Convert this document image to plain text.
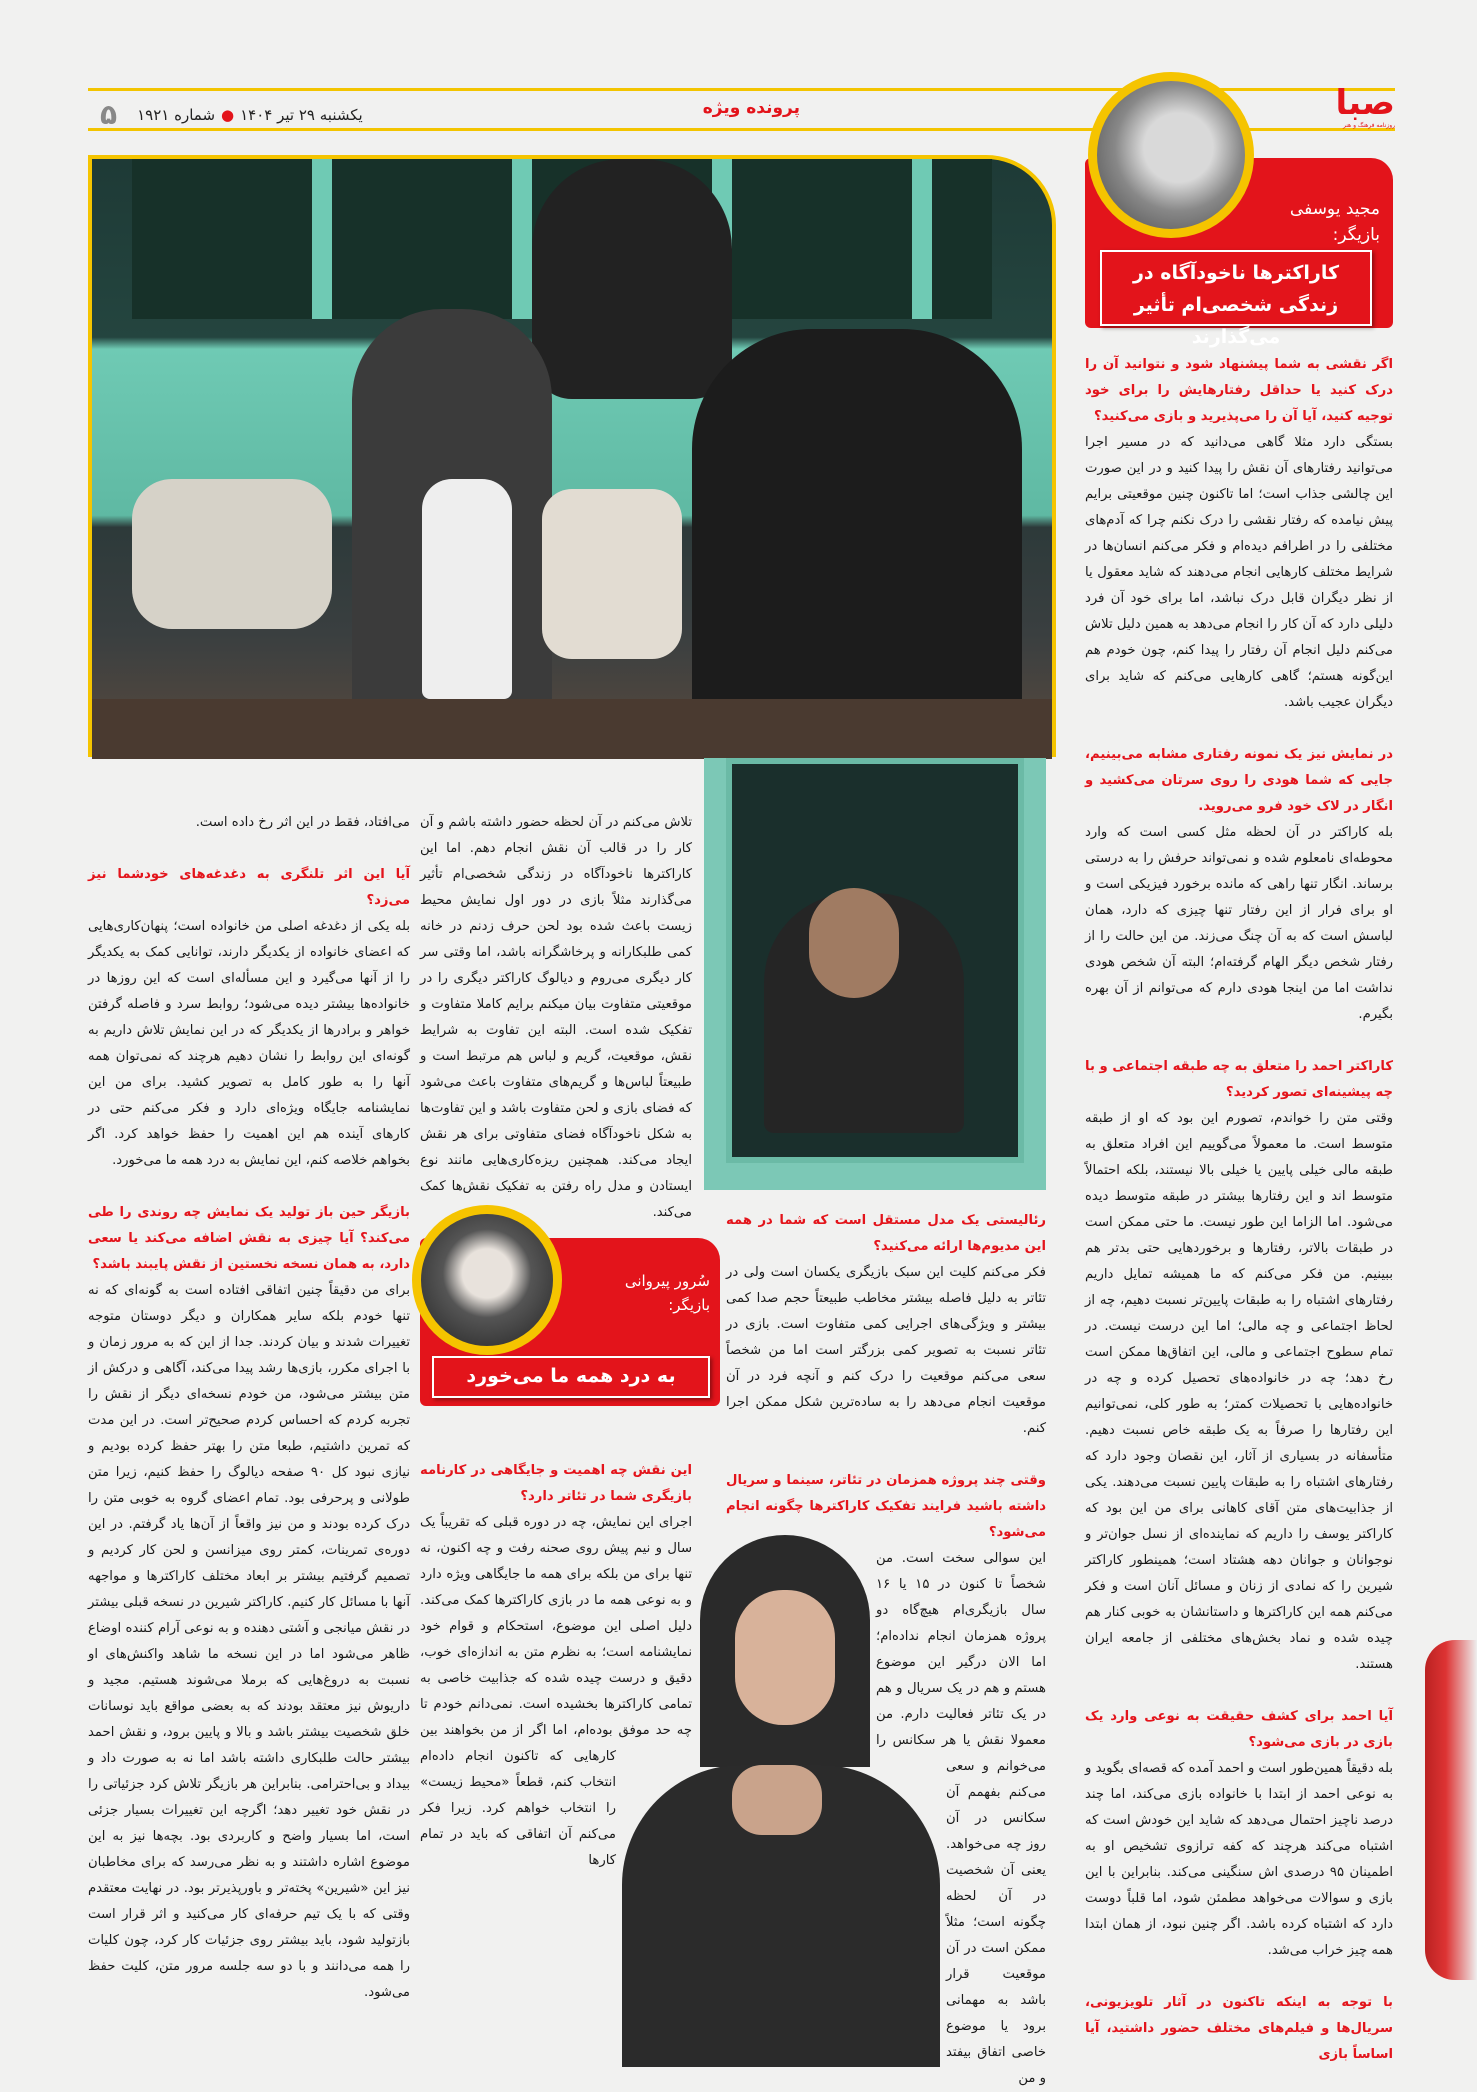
صبا
روزنامه فرهنگ و هنر
پرونده ویژه
یکشنبه ۲۹ تیر ۱۴۰۴
●
شماره ۱۹۲۱
۵
مجید یوسفی
بازیگر:
کاراکترها ناخودآگاه در زندگی شخصی‌ام تأثیر می‌گذارند

اگر نقشی به شما پیشنهاد شود و نتوانید آن را درک کنید یا حداقل رفتارهایش را برای خود توجیه کنید، آیا آن را می‌پذیرید و بازی می‌کنید؟

بستگی دارد مثلا گاهی می‌دانید که در مسیر اجرا می‌توانید رفتارهای آن نقش را پیدا کنید و در این صورت این چالشی جذاب است؛ اما تاکنون چنین موقعیتی برایم پیش نیامده که رفتار نقشی را درک نکنم چرا که آدم‌های مختلفی را در اطرافم دیده‌ام و فکر می‌کنم انسان‌ها در شرایط مختلف کارهایی انجام می‌دهند که شاید معقول یا از نظر دیگران قابل درک نباشد، اما برای خود آن فرد دلیلی دارد که آن کار را انجام می‌دهد به همین دلیل تلاش می‌کنم دلیل انجام آن رفتار را پیدا کنم، چون خودم هم این‌گونه هستم؛ گاهی کارهایی می‌کنم که شاید برای دیگران عجیب باشد.

در نمایش نیز یک نمونه رفتاری مشابه می‌بینیم، جایی که شما هودی را روی سرتان می‌کشید و انگار در لاک خود فرو می‌روید.

بله کاراکتر در آن لحظه مثل کسی است که وارد محوطه‌ای نامعلوم شده و نمی‌تواند حرفش را به درستی برساند. انگار تنها راهی که مانده برخورد فیزیکی است و او برای فرار از این رفتار تنها چیزی که دارد، همان لباسش است که به آن چنگ می‌زند. من این حالت را از رفتار شخص دیگر الهام گرفته‌ام؛ البته آن شخص هودی نداشت اما من اینجا هودی دارم که می‌توانم از آن بهره بگیرم.

کاراکتر احمد را متعلق به چه طبقه اجتماعی و با چه پیشینه‌ای تصور کردید؟

وقتی متن را خواندم، تصورم این بود که او از طبقه متوسط است. ما معمولاً می‌گوییم این افراد متعلق به طبقه مالی خیلی پایین یا خیلی بالا نیستند، بلکه احتمالاً متوسط اند و این رفتارها بیشتر در طبقه متوسط دیده می‌شود. اما الزاما این طور نیست. ما حتی ممکن است در طبقات بالاتر، رفتارها و برخوردهایی حتی بدتر هم ببینیم. من فکر می‌کنم که ما همیشه تمایل داریم رفتارهای اشتباه را به طبقات پایین‌تر نسبت دهیم، چه از لحاظ اجتماعی و چه مالی؛ اما این درست نیست. در تمام سطوح اجتماعی و مالی، این اتفاق‌ها ممکن است رخ دهد؛ چه در خانواده‌های تحصیل کرده و چه در خانواده‌هایی با تحصیلات کمتر؛ به طور کلی، نمی‌توانیم این رفتارها را صرفاً به یک طبقه خاص نسبت دهیم. متأسفانه در بسیاری از آثار، این نقصان وجود دارد که رفتارهای اشتباه را به طبقات پایین نسبت می‌دهند. یکی از جذابیت‌های متن آقای کاهانی برای من این بود که کاراکتر یوسف را داریم که نماینده‌ای از نسل جوان‌تر و نوجوانان و جوانان دهه هشتاد است؛ همینطور کاراکتر شیرین را که نمادی از زنان و مسائل آنان است و فکر می‌کنم همه این کاراکترها و داستانشان به خوبی کنار هم چیده شده و نماد بخش‌های مختلفی از جامعه ایران هستند.

آیا احمد برای کشف حقیقت به نوعی وارد یک بازی در بازی می‌شود؟

بله دقیقاً همین‌طور است و احمد آمده که قصه‌ای بگوید و به نوعی احمد از ابتدا با خانواده بازی می‌کند، اما چند درصد ناچیز احتمال می‌دهد که شاید این خودش است که اشتباه می‌کند هرچند که کفه ترازوی تشخیص او به اطمینان ۹۵ درصدی اش سنگینی می‌کند. بنابراین با این بازی و سوالات می‌خواهد مطمئن شود، اما قلباً دوست دارد که اشتباه کرده باشد. اگر چنین نبود، از همان ابتدا همه چیز خراب می‌شد.

با توجه به اینکه تاکنون در آثار تلویزیونی، سریال‌ها و فیلم‌های مختلف حضور داشتید، آیا اساساً بازی

تلاش می‌کنم در آن لحظه حضور داشته باشم و آن کار را در قالب آن نقش انجام دهم. اما این کاراکترها ناخودآگاه در زندگی شخصی‌ام تأثیر می‌گذارند مثلاً بازی در دور اول نمایش محیط زیست باعث شده بود لحن حرف زدنم در خانه کمی طلبکارانه و پرخاشگرانه باشد، اما وقتی سر کار دیگری می‌روم و دیالوگ کاراکتر دیگری را در موقعیتی متفاوت بیان میکنم برایم کاملا متفاوت و تفکیک شده است. البته این تفاوت به شرایط نقش، موقعیت، گریم و لباس هم مرتبط است و طبیعتاً لباس‌ها و گریم‌های متفاوت باعث می‌شود که فضای بازی و لحن متفاوت باشد و این تفاوت‌ها به شکل ناخودآگاه فضای متفاوتی برای هر نقش ایجاد می‌کند. همچنین ریزه‌کاری‌هایی مانند نوع ایستادن و مدل راه رفتن به تفکیک نقش‌ها کمک می‌کند.

سُرور پیروانی
بازیگر:
به درد همه ما می‌خورد

این نقش چه اهمیت و جایگاهی در کارنامه بازیگری شما در تئاتر دارد؟

اجرای این نمایش، چه در دوره قبلی که تقریباً یک سال و نیم پیش روی صحنه رفت و چه اکنون، نه تنها برای من بلکه برای همه ما جایگاهی ویژه دارد و به نوعی همه ما در بازی کاراکترها کمک می‌کند. دلیل اصلی این موضوع، استحکام و قوام خود نمایشنامه است؛ به نظرم متن به اندازه‌ای خوب، دقیق و درست چیده شده که جذابیت خاصی به تمامی کاراکترها بخشیده است. نمی‌دانم خودم تا چه حد موفق بوده‌ام، اما اگر از من بخواهند بین کارهایی که تاکنون انجام داده‌ام انتخاب کنم، قطعاً «محیط زیست» را انتخاب خواهم کرد. زیرا فکر می‌کنم آن اتفاقی که باید در تمام کارها

رئالیستی یک مدل مستقل است که شما در همه این مدیوم‌ها ارائه می‌کنید؟

فکر می‌کنم کلیت این سبک بازیگری یکسان است ولی در تئاتر به دلیل فاصله بیشتر مخاطب طبیعتاً حجم صدا کمی بیشتر و ویژگی‌های اجرایی کمی متفاوت است. بازی در تئاتر نسبت به تصویر کمی بزرگتر است اما من شخصاً سعی می‌کنم موقعیت را درک کنم و آنچه فرد در آن موقعیت انجام می‌دهد را به ساده‌ترین شکل ممکن اجرا کنم.

وقتی چند پروژه همزمان در تئاتر، سینما و سریال داشته باشید فرایند تفکیک کاراکترها چگونه انجام می‌شود؟

این سوالی سخت است. من شخصاً تا کنون در ۱۵ یا ۱۶ سال بازیگری‌ام هیچ‌گاه دو پروژه همزمان انجام نداده‌ام؛ اما الان درگیر این موضوع هستم و هم در یک سریال و هم در یک تئاتر فعالیت دارم. من معمولا نقش یا هر سکانس را می‌خوانم و سعی می‌کنم بفهمم آن سکانس در آن روز چه می‌خواهد. یعنی آن شخصیت در آن لحظه چگونه است؛ مثلاً ممکن است در آن موقعیت قرار باشد به مهمانی برود یا موضوع خاصی اتفاق بیفتد و من

می‌افتاد، فقط در این اثر رخ داده است.

آیا این اثر تلنگری به دغدغه‌های خودشما نیز می‌زد؟

بله یکی از دغدغه اصلی من خانواده است؛ پنهان‌کاری‌هایی که اعضای خانواده از یکدیگر دارند، توانایی کمک به یکدیگر را از آنها می‌گیرد و این مسأله‌ای است که این روزها در خانواده‌ها بیشتر دیده می‌شود؛ روابط سرد و فاصله گرفتن خواهر و برادرها از یکدیگر که در این نمایش تلاش داریم به گونه‌ای این روابط را نشان دهیم هرچند که نمی‌توان همه آنها را به طور کامل به تصویر کشید. برای من این نمایشنامه جایگاه ویژه‌ای دارد و فکر می‌کنم حتی در کارهای آینده هم این اهمیت را حفظ خواهد کرد. اگر بخواهم خلاصه کنم، این نمایش به درد همه ما می‌خورد.

بازیگر حین باز تولید یک نمایش چه روندی را طی می‌کند؟ آیا چیزی به نقش اضافه می‌کند یا سعی دارد، به همان نسخه نخستین از نقش پایبند باشد؟

برای من دقیقاً چنین اتفاقی افتاده است به گونه‌ای که نه تنها خودم بلکه سایر همکاران و دیگر دوستان متوجه تغییرات شدند و بیان کردند. جدا از این که به مرور زمان و با اجرای مکرر، بازی‌ها رشد پیدا می‌کند، آگاهی و درکش از متن بیشتر می‌شود، من خودم نسخه‌ای دیگر از نقش را تجربه کردم که احساس کردم صحیح‌تر است. در این مدت که تمرین داشتیم، طبعا متن را بهتر حفظ کرده بودیم و نیازی نبود کل ۹۰ صفحه دیالوگ را حفظ کنیم، زیرا متن طولانی و پرحرفی بود. تمام اعضای گروه به خوبی متن را درک کرده بودند و من نیز واقعاً از آن‌ها یاد گرفتم. در این دوره‌ی تمرینات، کمتر روی میزانسن و لحن کار کردیم و تصمیم گرفتیم بیشتر بر ابعاد مختلف کاراکترها و مواجهه آنها با مسائل کار کنیم. کاراکتر شیرین در نسخه قبلی بیشتر در نقش میانجی و آشتی دهنده و به نوعی آرام کننده اوضاع ظاهر می‌شود اما در این نسخه ما شاهد واکنش‌های او نسبت به دروغ‌هایی که برملا می‌شوند هستیم. مجید و داریوش نیز معتقد بودند که به بعضی مواقع باید نوسانات خلق شخصیت بیشتر باشد و بالا و پایین برود، و نقش احمد بیشتر حالت طلبکاری داشته باشد اما نه به صورت داد و بیداد و بی‌احترامی. بنابراین هر بازیگر تلاش کرد جزئیاتی را در نقش خود تغییر دهد؛ اگرچه این تغییرات بسیار جزئی است، اما بسیار واضح و کاربردی بود. بچه‌ها نیز به این موضوع اشاره داشتند و به نظر می‌رسد که برای مخاطبان نیز این «شیرین» پخته‌تر و باورپذیرتر بود. در نهایت معتقدم وقتی که با یک تیم حرفه‌ای کار می‌کنید و اثر قرار است بازتولید شود، باید بیشتر روی جزئیات کار کرد، چون کلیات را همه می‌دانند و با دو سه جلسه مرور متن، کلیت حفظ می‌شود.
